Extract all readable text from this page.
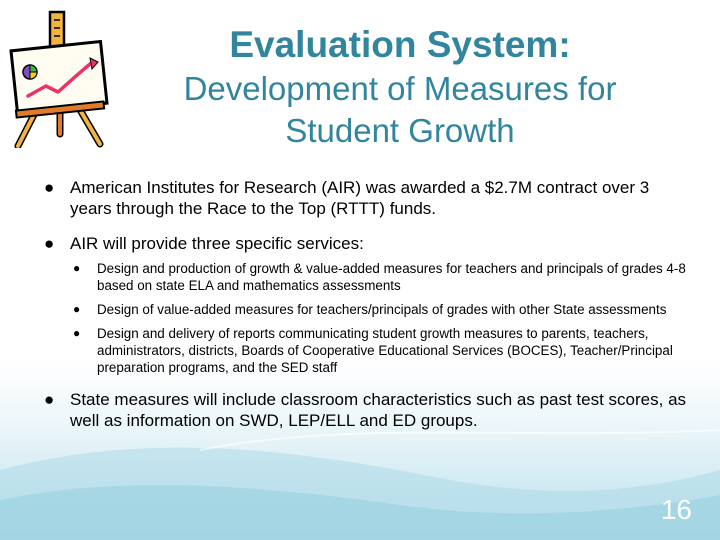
Evaluation System:
Development of Measures for
Student Growth
● American Institutes for Research (AIR) was awarded a $2.7M contract over 3 years through the Race to the Top (RTTT) funds.
● AIR will provide three specific services:
● Design and production of growth & value-added measures for teachers and principals of grades 4-8 based on state ELA and mathematics assessments
● Design of value-added measures for teachers/principals of grades with other State assessments
● Design and delivery of reports communicating student growth measures to parents, teachers, administrators, districts, Boards of Cooperative Educational Services (BOCES), Teacher/Principal preparation programs, and the SED staff
● State measures will include classroom characteristics such as past test scores, as well as information on SWD, LEP/ELL and ED groups.
16
